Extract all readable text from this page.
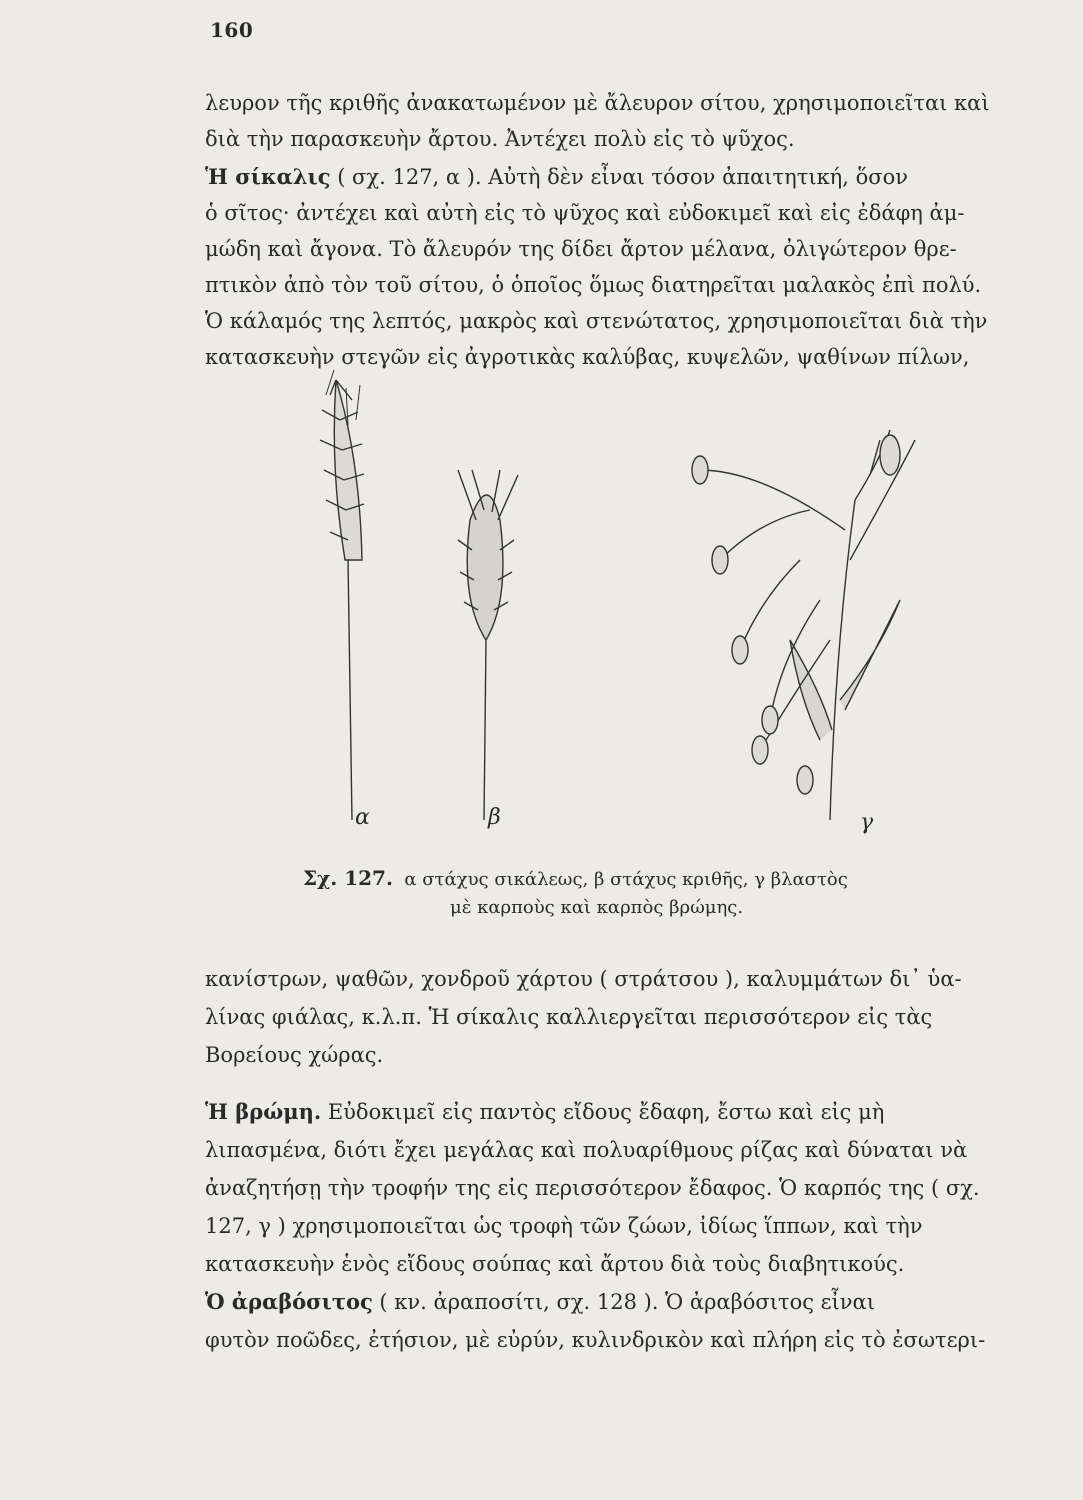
160
λευρον τῆς κριθῆς ἀνακατωμένον μὲ ἄλευρον σίτου, χρησιμοποιεῖται καὶ
διὰ τὴν παρασκευὴν ἄρτου. Ἀντέχει πολὺ εἰς τὸ ψῦχος.
Ἡ σίκαλις ( σχ. 127, α ). Αὐτὴ δὲν εἶναι τόσον ἀπαιτητική, ὅσον
ὁ σῖτος· ἀντέχει καὶ αὐτὴ εἰς τὸ ψῦχος καὶ εὐδοκιμεῖ καὶ εἰς ἐδάφη ἀμ-
μώδη καὶ ἄγονα. Τὸ ἄλευρόν της δίδει ἄρτον μέλανα, ὀλιγώτερον θρε-
πτικὸν ἀπὸ τὸν τοῦ σίτου, ὁ ὁποῖος ὅμως διατηρεῖται μαλακὸς ἐπὶ πολύ.
Ὁ κάλαμός της λεπτός, μακρὸς καὶ στενώτατος, χρησιμοποιεῖται διὰ τὴν
κατασκευὴν στεγῶν εἰς ἀγροτικὰς καλύβας, κυψελῶν, ψαθίνων πίλων,
α	β	γ
Σχ. 127. α στάχυς σικάλεως, β στάχυς κριθῆς, γ βλαστὸς
μὲ καρποὺς καὶ καρπὸς βρώμης.
κανίστρων, ψαθῶν, χονδροῦ χάρτου ( στράτσου ), καλυμμάτων δι᾿ ὑα-
λίνας φιάλας, κ.λ.π. Ἡ σίκαλις καλλιεργεῖται περισσότερον εἰς τὰς
Βορείους χώρας.
Ἡ βρώμη. Εὐδοκιμεῖ εἰς παντὸς εἴδους ἔδαφη, ἔστω καὶ εἰς μὴ
λιπασμένα, διότι ἔχει μεγάλας καὶ πολυαρίθμους ρίζας καὶ δύναται νὰ
ἀναζητήσῃ τὴν τροφήν της εἰς περισσότερον ἔδαφος. Ὁ καρπός της ( σχ.
127, γ ) χρησιμοποιεῖται ὡς τροφὴ τῶν ζώων, ἰδίως ἵππων, καὶ τὴν
κατασκευὴν ἑνὸς εἴδους σούπας καὶ ἄρτου διὰ τοὺς διαβητικούς.
Ὁ ἀραβόσιτος ( κν. ἀραποσίτι, σχ. 128 ). Ὁ ἀραβόσιτος εἶναι
φυτὸν ποῶδες, ἐτήσιον, μὲ εὐρύν, κυλινδρικὸν καὶ πλήρη εἰς τὸ ἐσωτερι-
